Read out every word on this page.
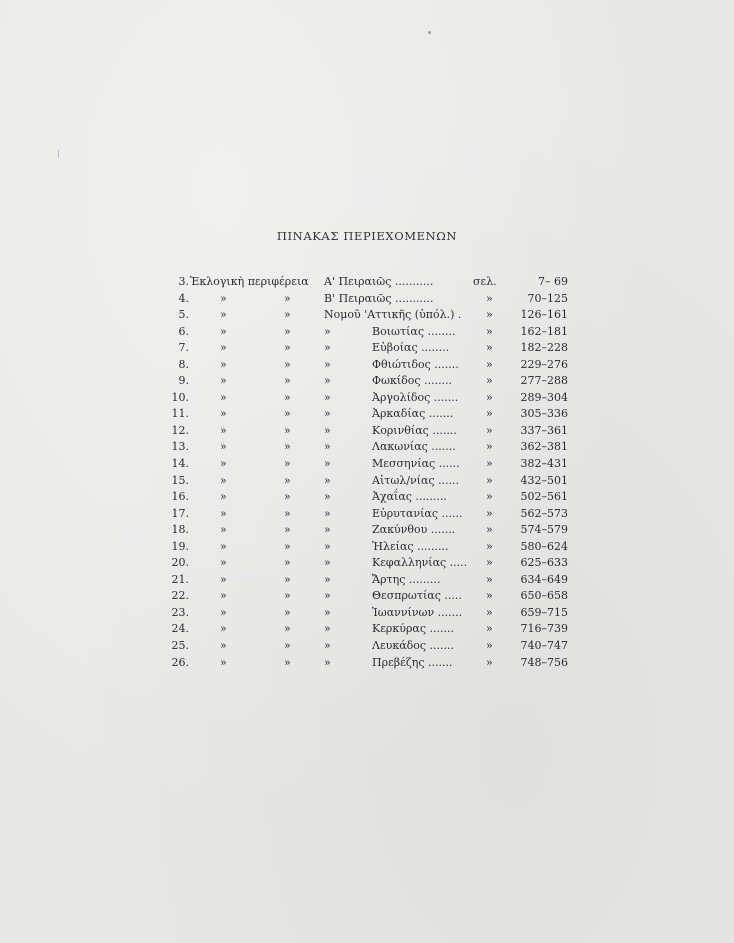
ΠΙΝΑΚΑΣ ΠΕΡΙΕΧΟΜΕΝΩΝ
3. Ἐκλογικὴ περιφέρεια Α' Πειραιῶς ...........	σελ.	7– 69
4.	»	»	Β' Πειραιῶς ...........	»	70–125
5.	»	»	Νομοῦ 'Αττικῆς (ὑπόλ.) . »	126–161
6.	»	»	»	Βοιωτίας ........	»	162–181
7.	»	»	»	Εὐβοίας ........	»	182–228
8.	»	»	»	Φθιώτιδος ....... »	229–276
9.	»	»	»	Φωκίδος ........	»	277–288
10.	»	»	»	Ἀργολίδος .......	»	289–304
11.	»	»	»	Ἀρκαδίας .......	»	305–336
12.	»	»	»	Κορινθίας .......	»	337–361
13.	»	»	»	Λακωνίας .......	»	362–381
14.	»	»	»	Μεσσηνίας ...... »	382–431
15.	»	»	»	Αἰτωλ/νίας ...... »	432–501
16.	»	»	»	Ἀχαΐας .........	»	502–561
17.	»	»	»	Εὐρυτανίας ...... »	562–573
18.	»	»	»	Ζακύνθου .......	»	574–579
19.	»	»	»	Ἠλείας .........	»	580–624
20.	»	»	»	Κεφαλληνίας ..... »	625–633
21.	»	»	»	Ἄρτης .........	»	634–649
22.	»	»	»	Θεσπρωτίας ..... »	650–658
23.	»	»	»	Ἰωαννίνων ....... »	659–715
24.	»	»	»	Κερκύρας .......	»	716–739
25.	»	»	»	Λευκάδος .......	»	740–747
26.	»	»	»	Πρεβέζης .......	»	748–756
